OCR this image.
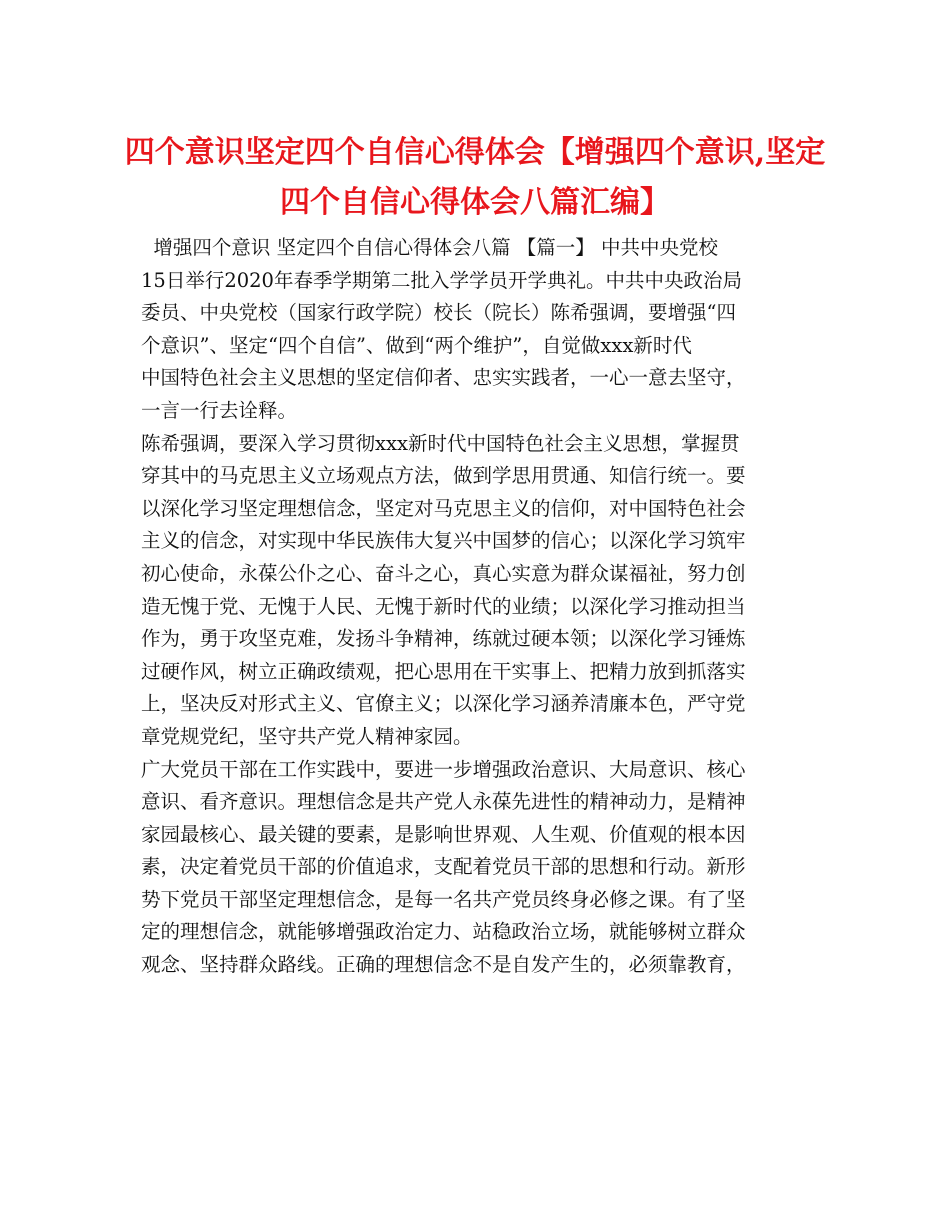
四个意识坚定四个自信心得体会【增强四个意识,坚定
四个自信心得体会八篇汇编】

增强四个意识 坚定四个自信心得体会八篇 【篇一】 中共中央党校
15日举行2020年春季学期第二批入学学员开学典礼。中共中央政治局
委员、中央党校（国家行政学院）校长（院长）陈希强调，要增强“四
个意识”、坚定“四个自信”、做到“两个维护”，自觉做xxx新时代
中国特色社会主义思想的坚定信仰者、忠实实践者，一心一意去坚守，
一言一行去诠释。

陈希强调，要深入学习贯彻xxx新时代中国特色社会主义思想，掌握贯
穿其中的马克思主义立场观点方法，做到学思用贯通、知信行统一。要
以深化学习坚定理想信念，坚定对马克思主义的信仰，对中国特色社会
主义的信念，对实现中华民族伟大复兴中国梦的信心；以深化学习筑牢
初心使命，永葆公仆之心、奋斗之心，真心实意为群众谋福祉，努力创
造无愧于党、无愧于人民、无愧于新时代的业绩；以深化学习推动担当
作为，勇于攻坚克难，发扬斗争精神，练就过硬本领；以深化学习锤炼
过硬作风，树立正确政绩观，把心思用在干实事上、把精力放到抓落实
上，坚决反对形式主义、官僚主义；以深化学习涵养清廉本色，严守党
章党规党纪，坚守共产党人精神家园。

广大党员干部在工作实践中，要进一步增强政治意识、大局意识、核心
意识、看齐意识。理想信念是共产党人永葆先进性的精神动力，是精神
家园最核心、最关键的要素，是影响世界观、人生观、价值观的根本因
素，决定着党员干部的价值追求，支配着党员干部的思想和行动。新形
势下党员干部坚定理想信念，是每一名共产党员终身必修之课。有了坚
定的理想信念，就能够增强政治定力、站稳政治立场，就能够树立群众
观念、坚持群众路线。正确的理想信念不是自发产生的，必须靠教育，
